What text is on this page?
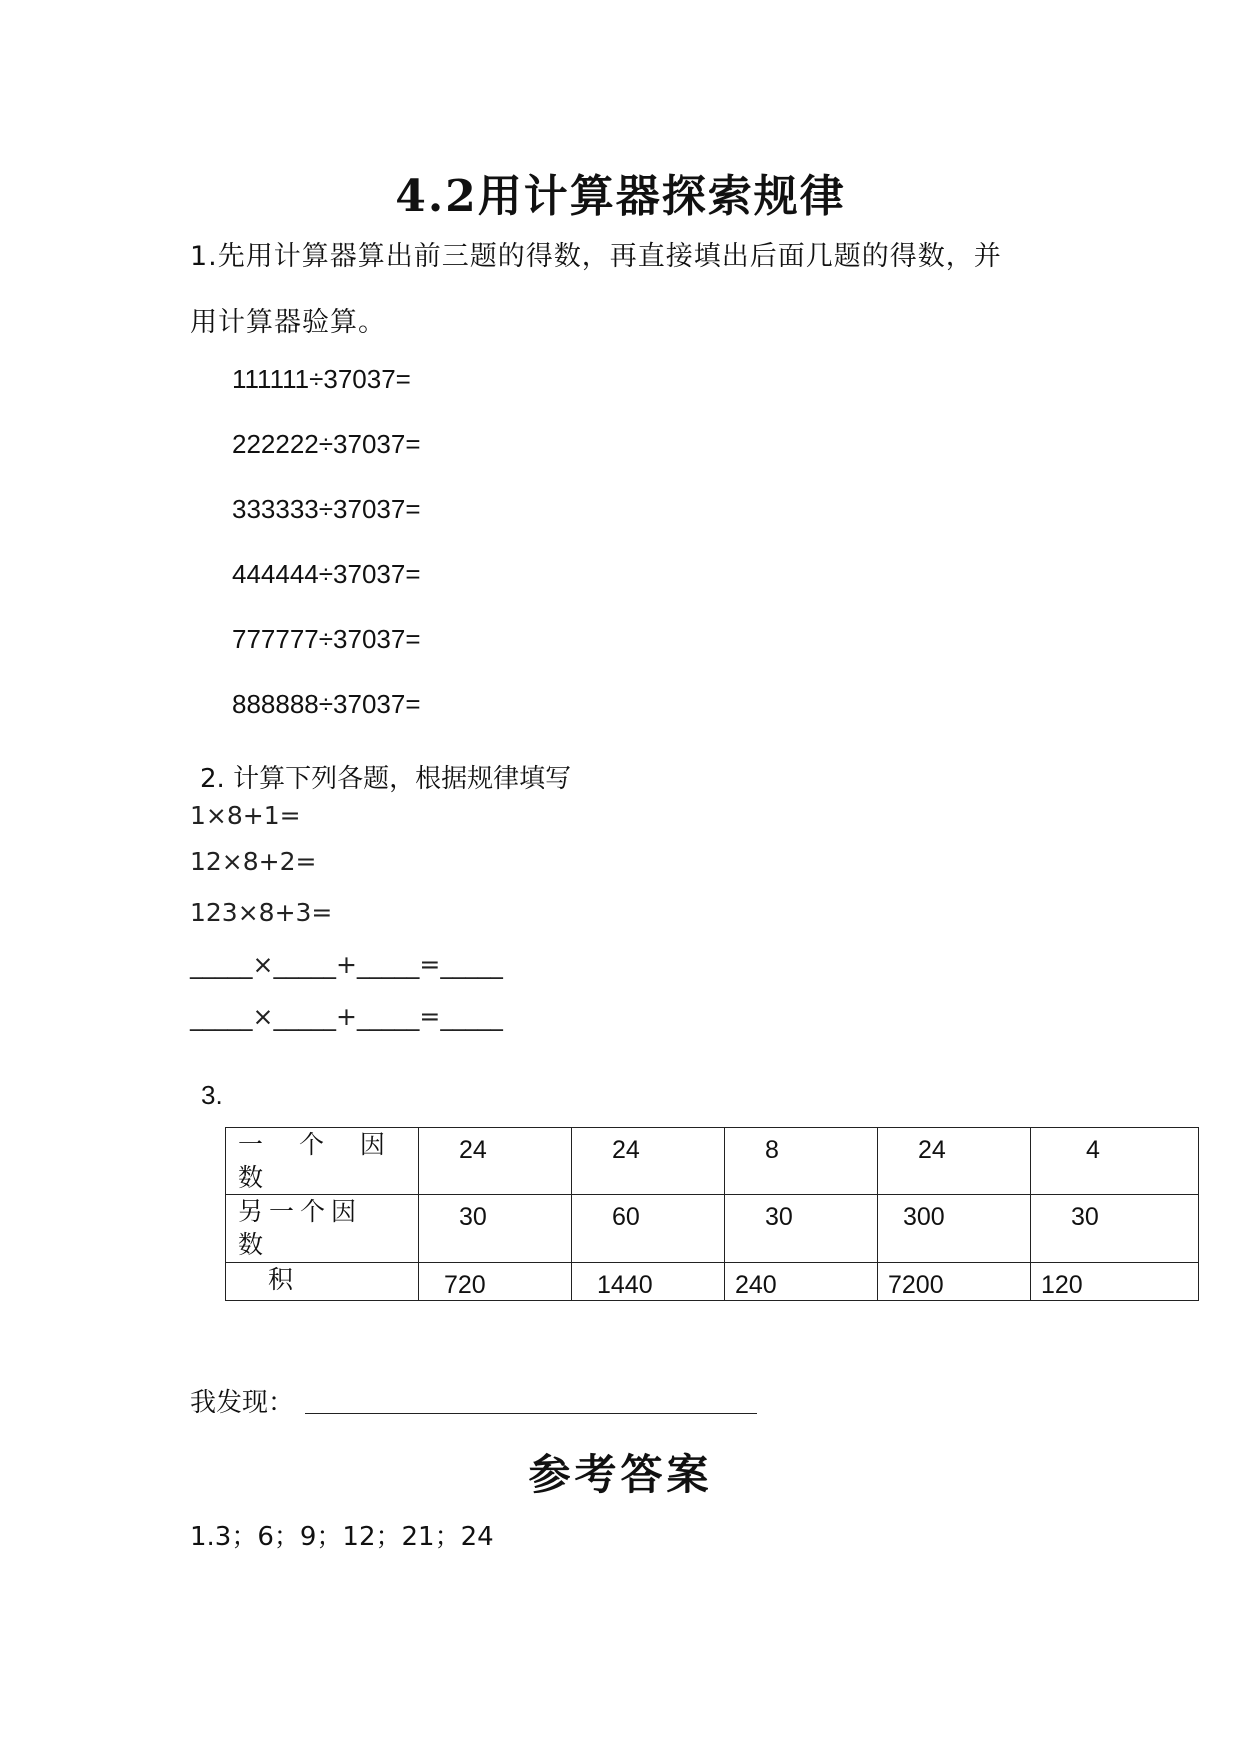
4.2用计算器探索规律
1.先用计算器算出前三题的得数，再直接填出后面几题的得数，并
用计算器验算。
111111÷37037=
222222÷37037=
333333÷37037=
444444÷37037=
777777÷37037=
888888÷37037=
2. 计算下列各题，根据规律填写
1×8+1=
12×8+2=
123×8+3=
_____×_____+_____=_____
_____×_____+_____=_____
3.
一 个 因
数	24	24	8	24	4

另一个因
数	30	60	30	300	30
积	720	1440	240	7200	120
我发现：
参考答案
1.3；6；9；12；21；24
